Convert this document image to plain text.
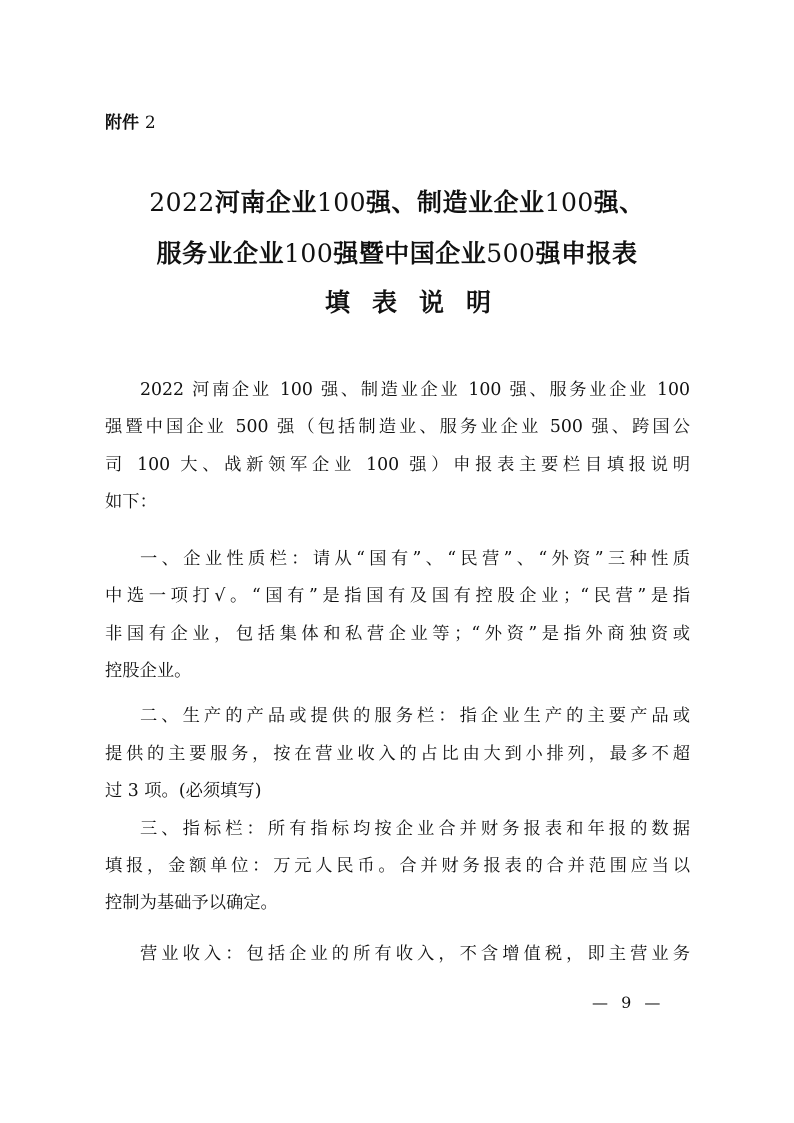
附件 2
2022河南企业100强、制造业企业100强、
服务业企业100强暨中国企业500强申报表
填表说明
2022 河南企业 100 强、制造业企业 100 强、服务业企业 100
强暨中国企业 500 强（包括制造业、服务业企业 500 强、跨国公
司 100 大、战新领军企业 100 强）申报表主要栏目填报说明
如下：
一、企业性质栏：请从“国有”、“民营”、“外资”三种性质
中选一项打√。“国有”是指国有及国有控股企业；“民营”是指
非国有企业，包括集体和私营企业等；“外资”是指外商独资或
控股企业。
二、生产的产品或提供的服务栏：指企业生产的主要产品或
提供的主要服务，按在营业收入的占比由大到小排列，最多不超
过 3 项。(必须填写)
三、指标栏：所有指标均按企业合并财务报表和年报的数据
填报，金额单位：万元人民币。合并财务报表的合并范围应当以
控制为基础予以确定。
营业收入：包括企业的所有收入，不含增值税，即主营业务
— 9 —
